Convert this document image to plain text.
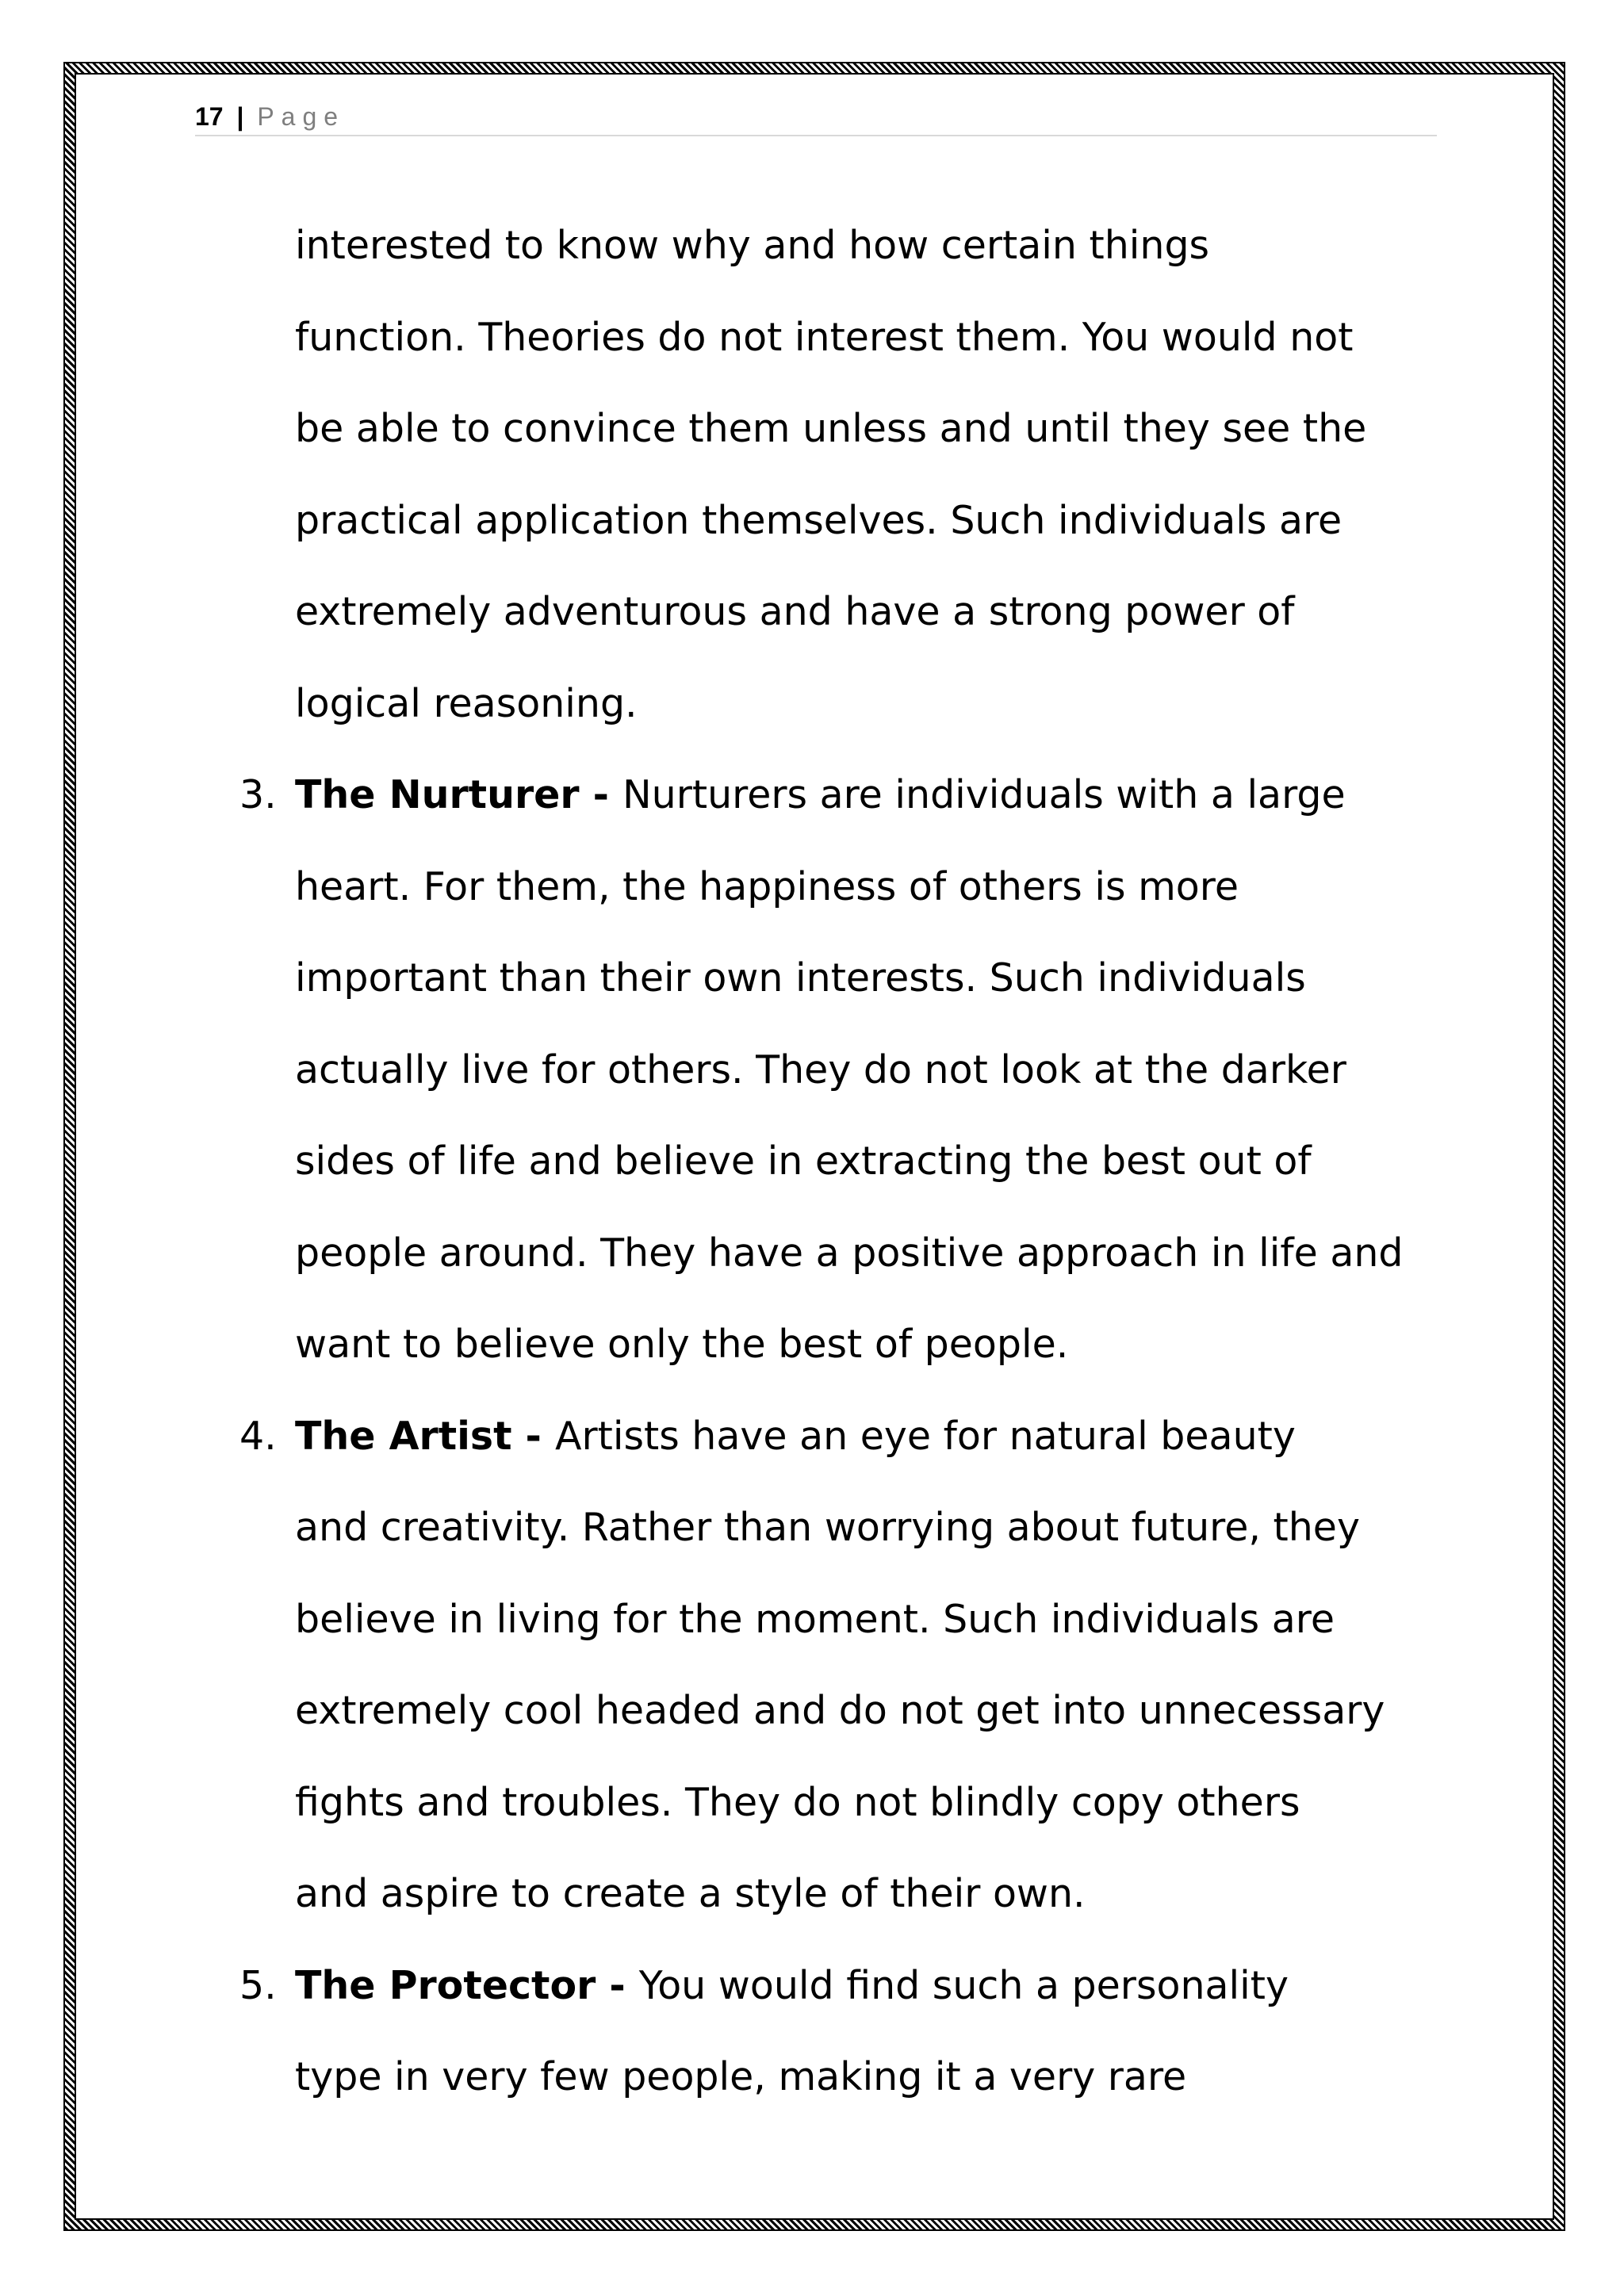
17 | Page
interested to know why and how certain things
function. Theories do not interest them. You would not
be able to convince them unless and until they see the
practical application themselves. Such individuals are
extremely adventurous and have a strong power of
logical reasoning.
3. The Nurturer - Nurturers are individuals with a large
heart. For them, the happiness of others is more
important than their own interests. Such individuals
actually live for others. They do not look at the darker
sides of life and believe in extracting the best out of
people around. They have a positive approach in life and
want to believe only the best of people.
4. The Artist - Artists have an eye for natural beauty
and creativity. Rather than worrying about future, they
believe in living for the moment. Such individuals are
extremely cool headed and do not get into unnecessary
fights and troubles. They do not blindly copy others
and aspire to create a style of their own.
5. The Protector - You would find such a personality
type in very few people, making it a very rare
